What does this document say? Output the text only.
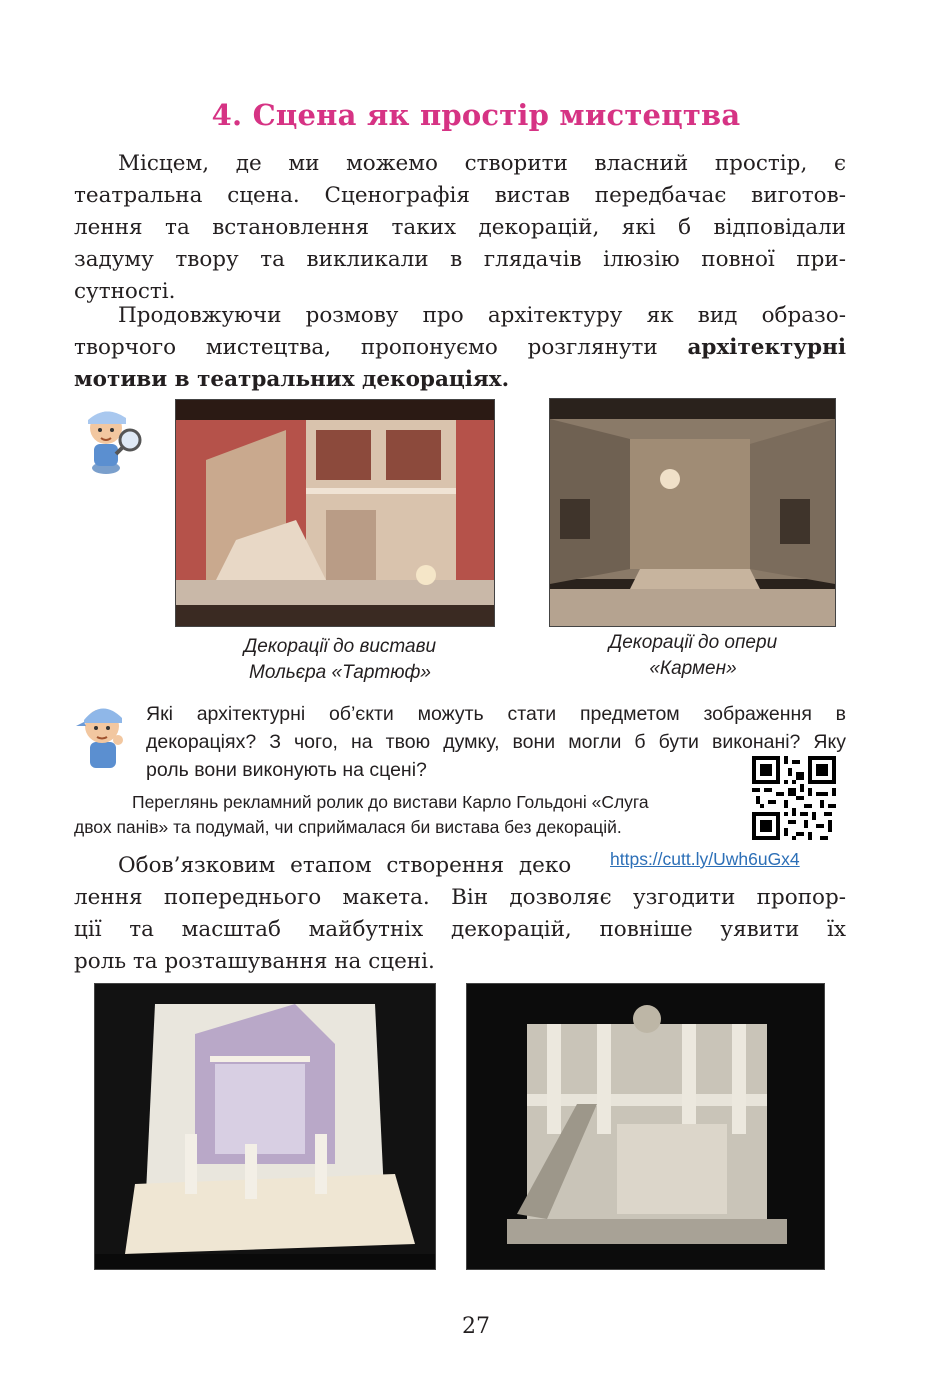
4. Сцена як простір мистецтва
Місцем, де ми можемо створити власний простір, є
театральна сцена. Сценографія вистав передбачає виготов-
лення та встановлення таких декорацій, які б відповідали
задуму твору та викликали в глядачів ілюзію повної при-
сутності.
Продовжуючи розмову про архітектуру як вид образо-
творчого мистецтва, пропонуємо розглянути архітектурні
мотиви в театральних декораціях.
Декорації до вистави
Мольєра «Тартюф»
Декорації до опери
«Кармен»
Які архітектурні об’єкти можуть стати предметом зображення в
декораціях? З чого, на твою думку, вони могли б бути виконані? Яку
роль вони виконують на сцені?
Переглянь рекламний ролик до вистави Карло Гольдоні «Слуга
двох панів» та подумай, чи сприймалася би вистава без декорацій.
Обов’язковим етапом створення деко
лення попереднього макета. Він дозволяє узгодити пропор-
ції та масштаб майбутніх декорацій, повніше уявити їх
роль та розташування на сцені.
https://cutt.ly/Uwh6uGx4
27
